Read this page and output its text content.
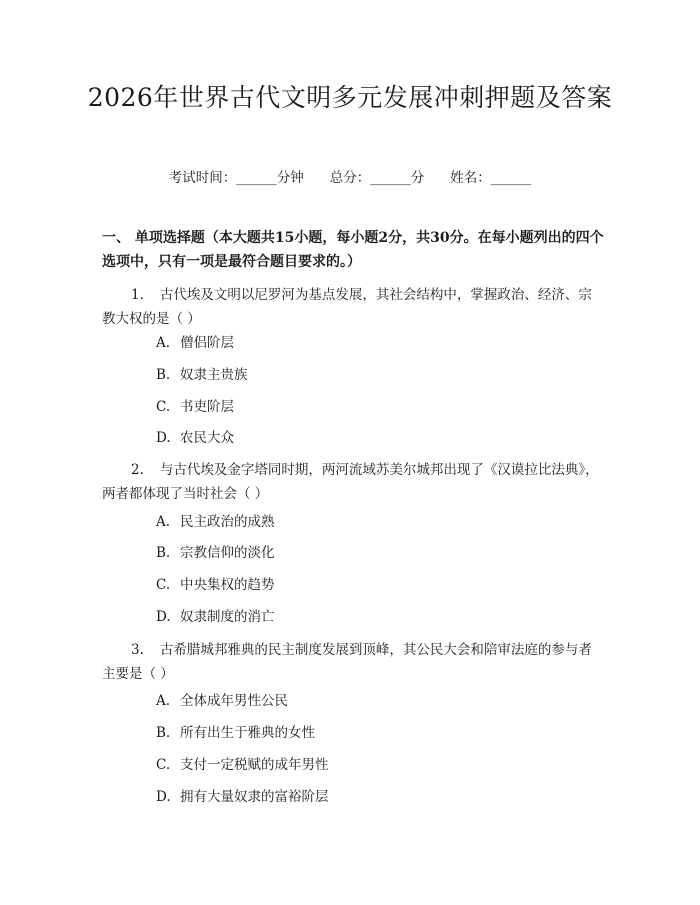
2026年世界古代文明多元发展冲刺押题及答案
考试时间：______分钟 总分：______分 姓名：______

一、 单项选择题（本大题共15小题，每小题2分，共30分。在每小题列出的四个选项中，只有一项是最符合题目要求的。）

1. 古代埃及文明以尼罗河为基点发展，其社会结构中，掌握政治、经济、宗教大权的是（ ）

A. 僧侣阶层

B. 奴隶主贵族

C. 书吏阶层

D. 农民大众

2. 与古代埃及金字塔同时期，两河流域苏美尔城邦出现了《汉谟拉比法典》，两者都体现了当时社会（ ）

A. 民主政治的成熟

B. 宗教信仰的淡化

C. 中央集权的趋势

D. 奴隶制度的消亡

3. 古希腊城邦雅典的民主制度发展到顶峰，其公民大会和陪审法庭的参与者主要是（ ）

A. 全体成年男性公民

B. 所有出生于雅典的女性

C. 支付一定税赋的成年男性

D. 拥有大量奴隶的富裕阶层
